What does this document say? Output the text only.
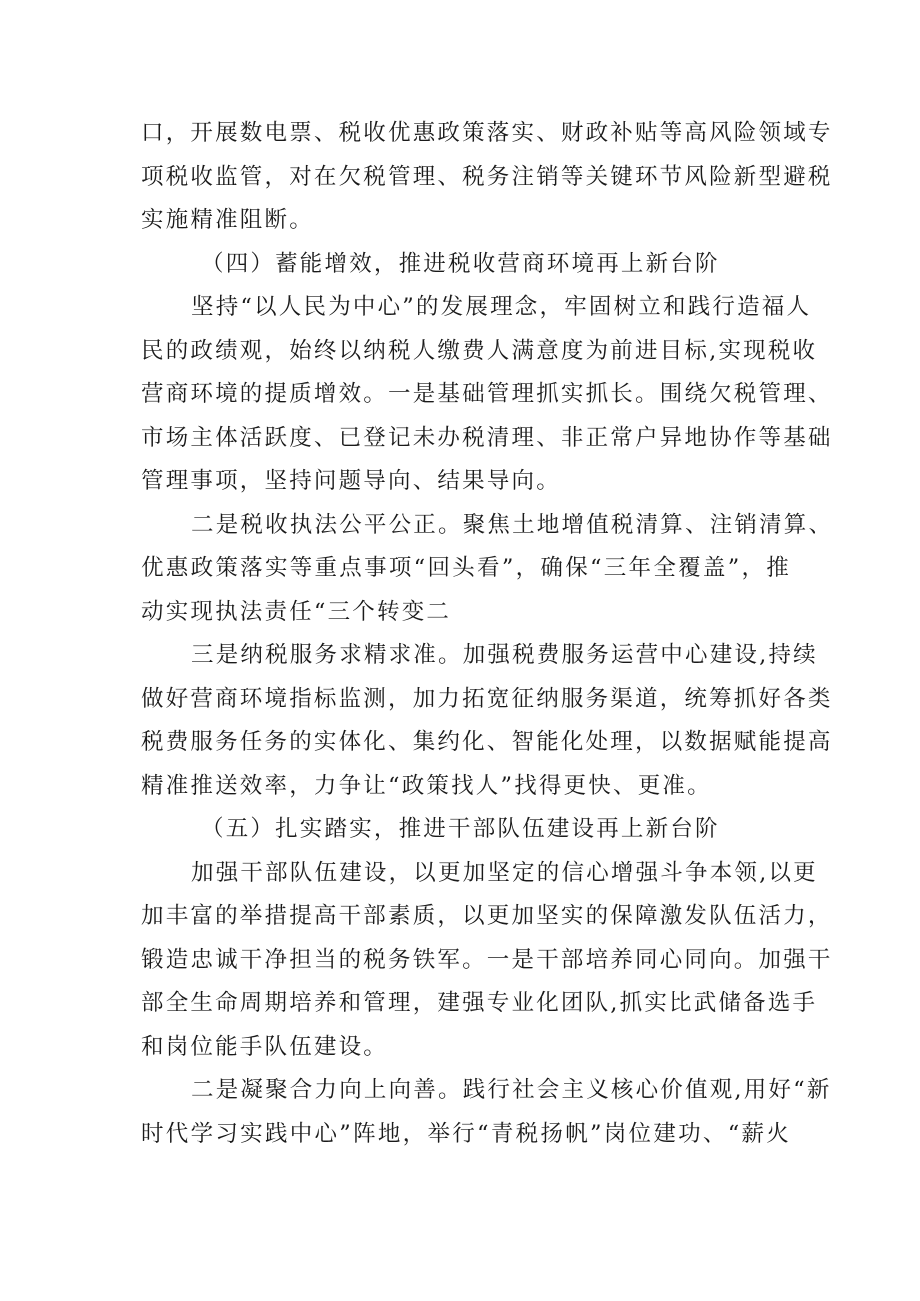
口，开展数电票、税收优惠政策落实、财政补贴等高风险领域专
项税收监管，对在欠税管理、税务注销等关键环节风险新型避税
实施精准阻断。

（四）蓄能增效，推进税收营商环境再上新台阶

坚持“以人民为中心”的发展理念，牢固树立和践行造福人
民的政绩观，始终以纳税人缴费人满意度为前进目标,实现税收
营商环境的提质增效。一是基础管理抓实抓长。围绕欠税管理、
市场主体活跃度、已登记未办税清理、非正常户异地协作等基础
管理事项，坚持问题导向、结果导向。

二是税收执法公平公正。聚焦土地增值税清算、注销清算、
优惠政策落实等重点事项“回头看”，确保“三年全覆盖”，推
动实现执法责任“三个转变二

三是纳税服务求精求准。加强税费服务运营中心建设,持续
做好营商环境指标监测，加力拓宽征纳服务渠道，统筹抓好各类
税费服务任务的实体化、集约化、智能化处理，以数据赋能提高
精准推送效率，力争让“政策找人”找得更快、更准。

（五）扎实踏实，推进干部队伍建设再上新台阶

加强干部队伍建设，以更加坚定的信心增强斗争本领,以更
加丰富的举措提高干部素质，以更加坚实的保障激发队伍活力，
锻造忠诚干净担当的税务铁军。一是干部培养同心同向。加强干
部全生命周期培养和管理，建强专业化团队,抓实比武储备选手
和岗位能手队伍建设。

二是凝聚合力向上向善。践行社会主义核心价值观,用好“新
时代学习实践中心”阵地，举行“青税扬帆”岗位建功、“薪火
